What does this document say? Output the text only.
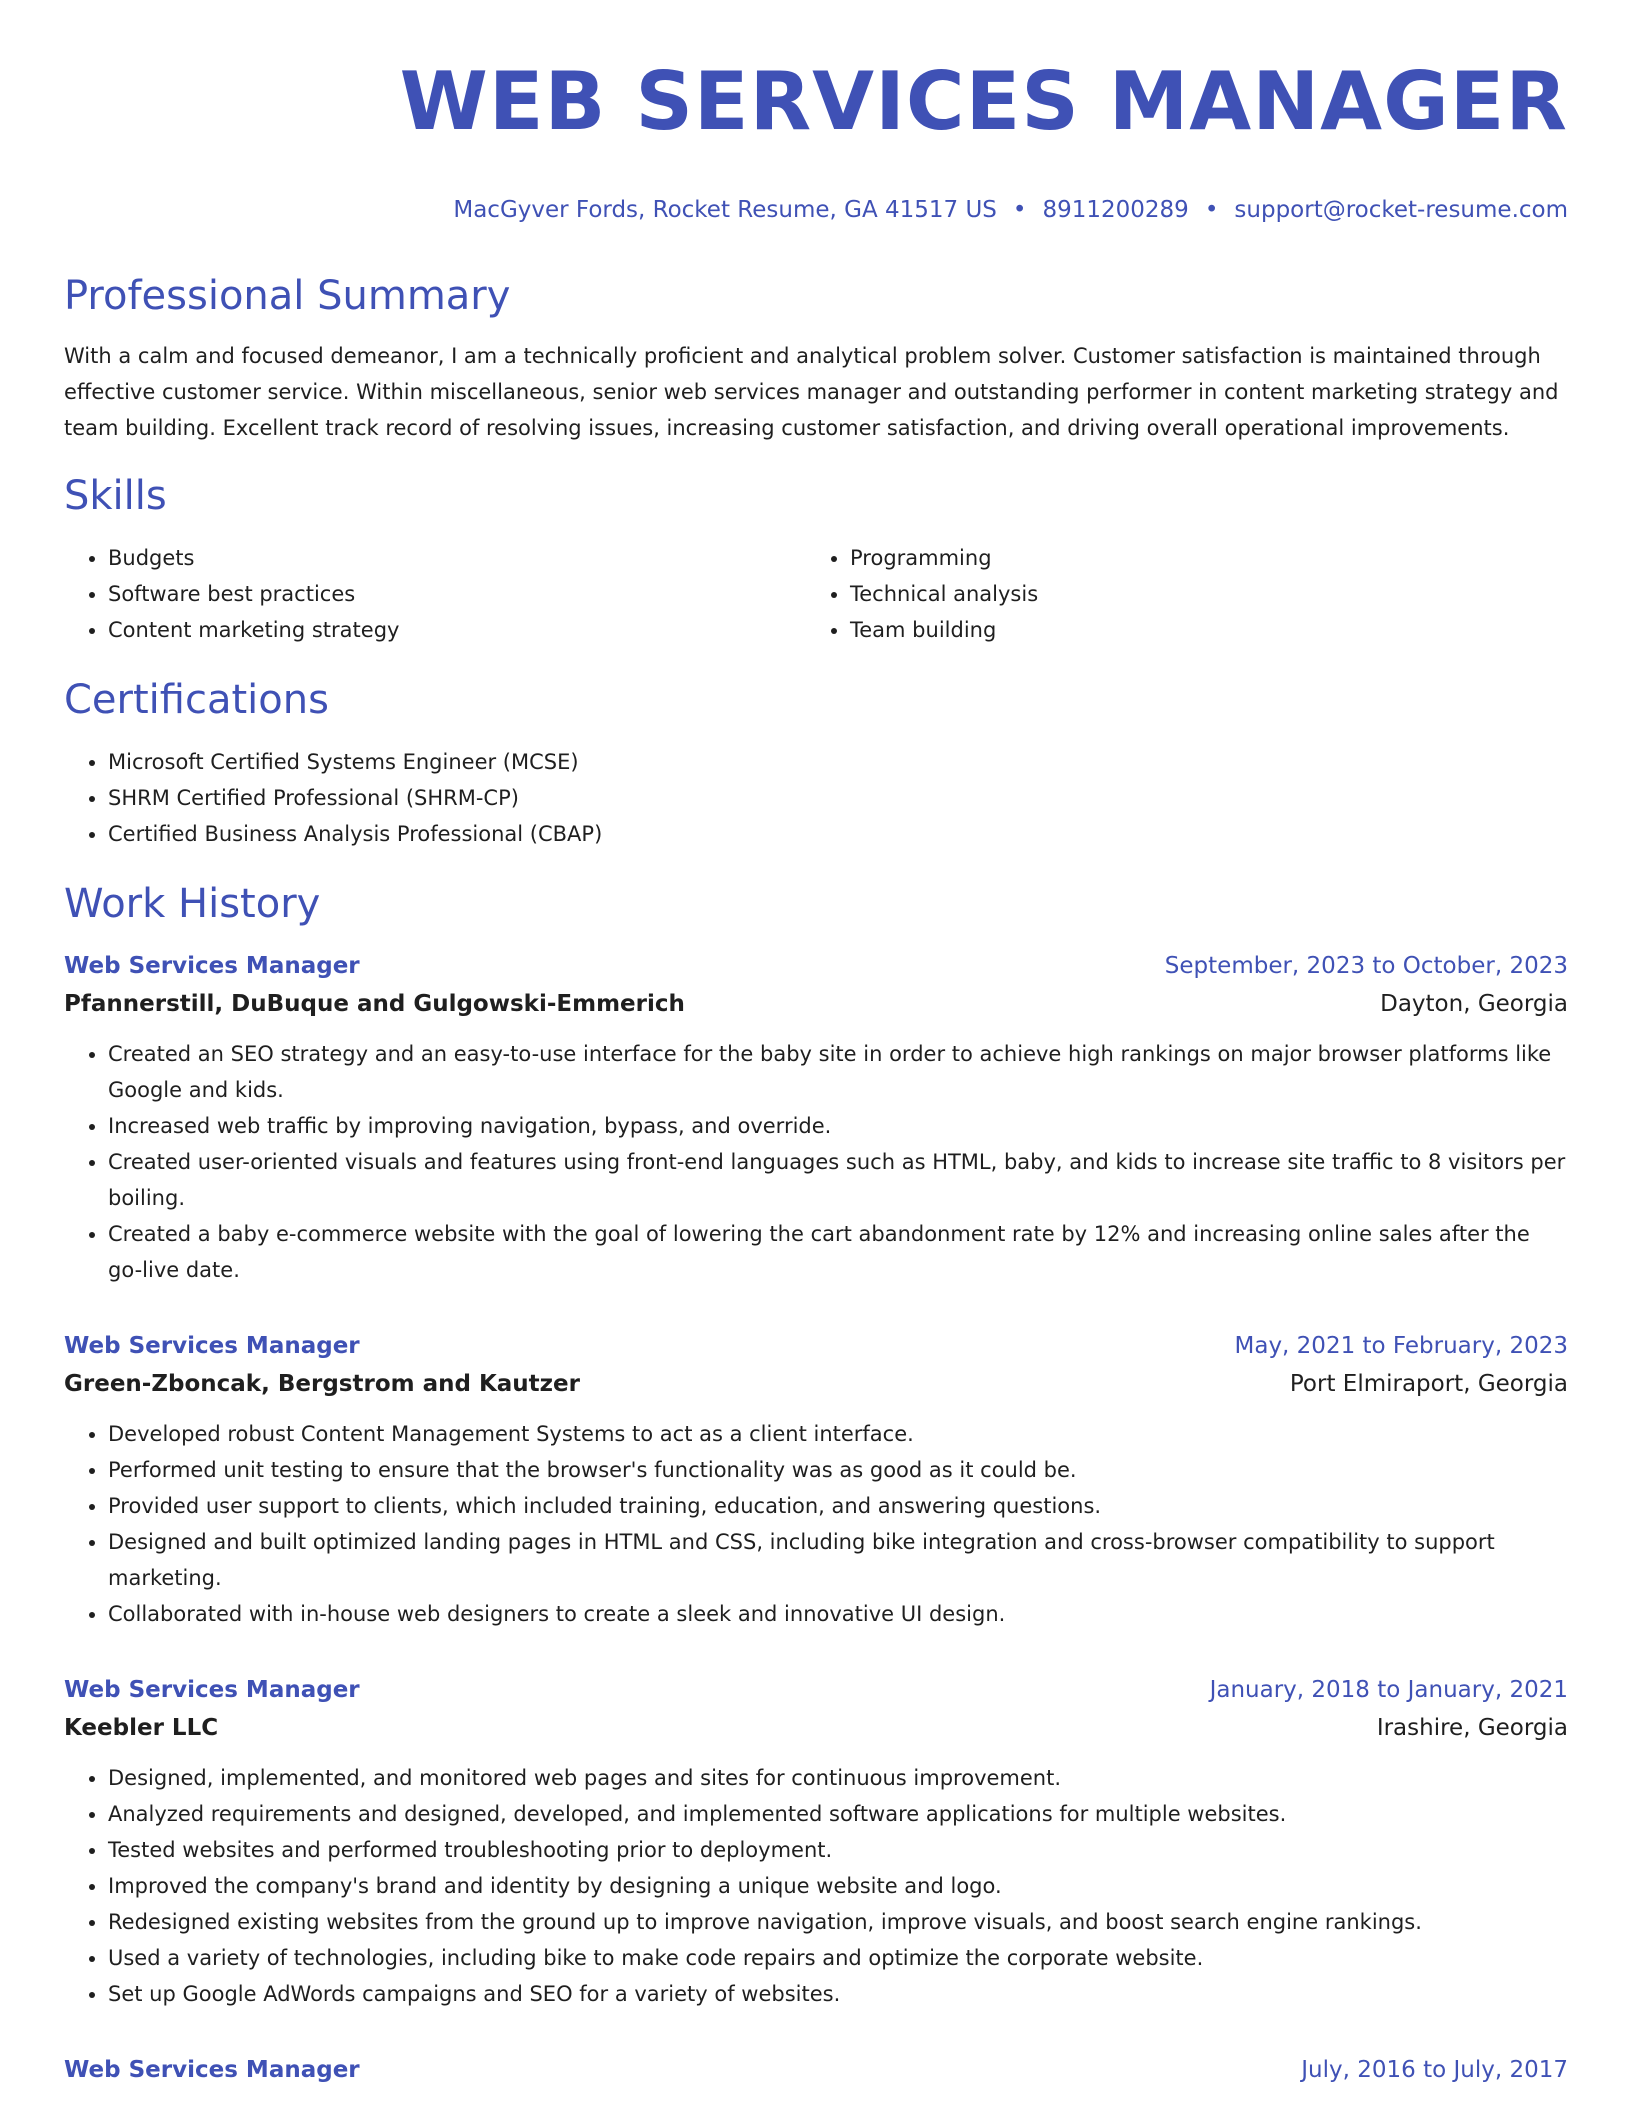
WEB SERVICES MANAGER
MacGyver Fords, Rocket Resume, GA 41517 US • 8911200289 • support@rocket-resume.com
Professional Summary

With a calm and focused demeanor, I am a technically proficient and analytical problem solver. Customer satisfaction is maintained through effective customer service. Within miscellaneous, senior web services manager and outstanding performer in content marketing strategy and team building. Excellent track record of resolving issues, increasing customer satisfaction, and driving overall operational improvements.

Skills
• Budgets
• Software best practices
• Content marketing strategy
• Programming
• Technical analysis
• Team building
Certifications
• Microsoft Certified Systems Engineer (MCSE)
• SHRM Certified Professional (SHRM-CP)
• Certified Business Analysis Professional (CBAP)
Work History
Web Services Manager	September, 2023 to October, 2023
Pfannerstill, DuBuque and Gulgowski-Emmerich	Dayton, Georgia
• Created an SEO strategy and an easy-to-use interface for the baby site in order to achieve high rankings on major browser platforms like Google and kids.
• Increased web traffic by improving navigation, bypass, and override.
• Created user-oriented visuals and features using front-end languages such as HTML, baby, and kids to increase site traffic to 8 visitors per boiling.
• Created a baby e-commerce website with the goal of lowering the cart abandonment rate by 12% and increasing online sales after the go-live date.
Web Services Manager	May, 2021 to February, 2023
Green-Zboncak, Bergstrom and Kautzer	Port Elmiraport, Georgia
• Developed robust Content Management Systems to act as a client interface.
• Performed unit testing to ensure that the browser's functionality was as good as it could be.
• Provided user support to clients, which included training, education, and answering questions.
• Designed and built optimized landing pages in HTML and CSS, including bike integration and cross-browser compatibility to support marketing.
• Collaborated with in-house web designers to create a sleek and innovative UI design.
Web Services Manager	January, 2018 to January, 2021
Keebler LLC	Irashire, Georgia
• Designed, implemented, and monitored web pages and sites for continuous improvement.
• Analyzed requirements and designed, developed, and implemented software applications for multiple websites.
• Tested websites and performed troubleshooting prior to deployment.
• Improved the company's brand and identity by designing a unique website and logo.
• Redesigned existing websites from the ground up to improve navigation, improve visuals, and boost search engine rankings.
• Used a variety of technologies, including bike to make code repairs and optimize the corporate website.
• Set up Google AdWords campaigns and SEO for a variety of websites.
Web Services Manager	July, 2016 to July, 2017
